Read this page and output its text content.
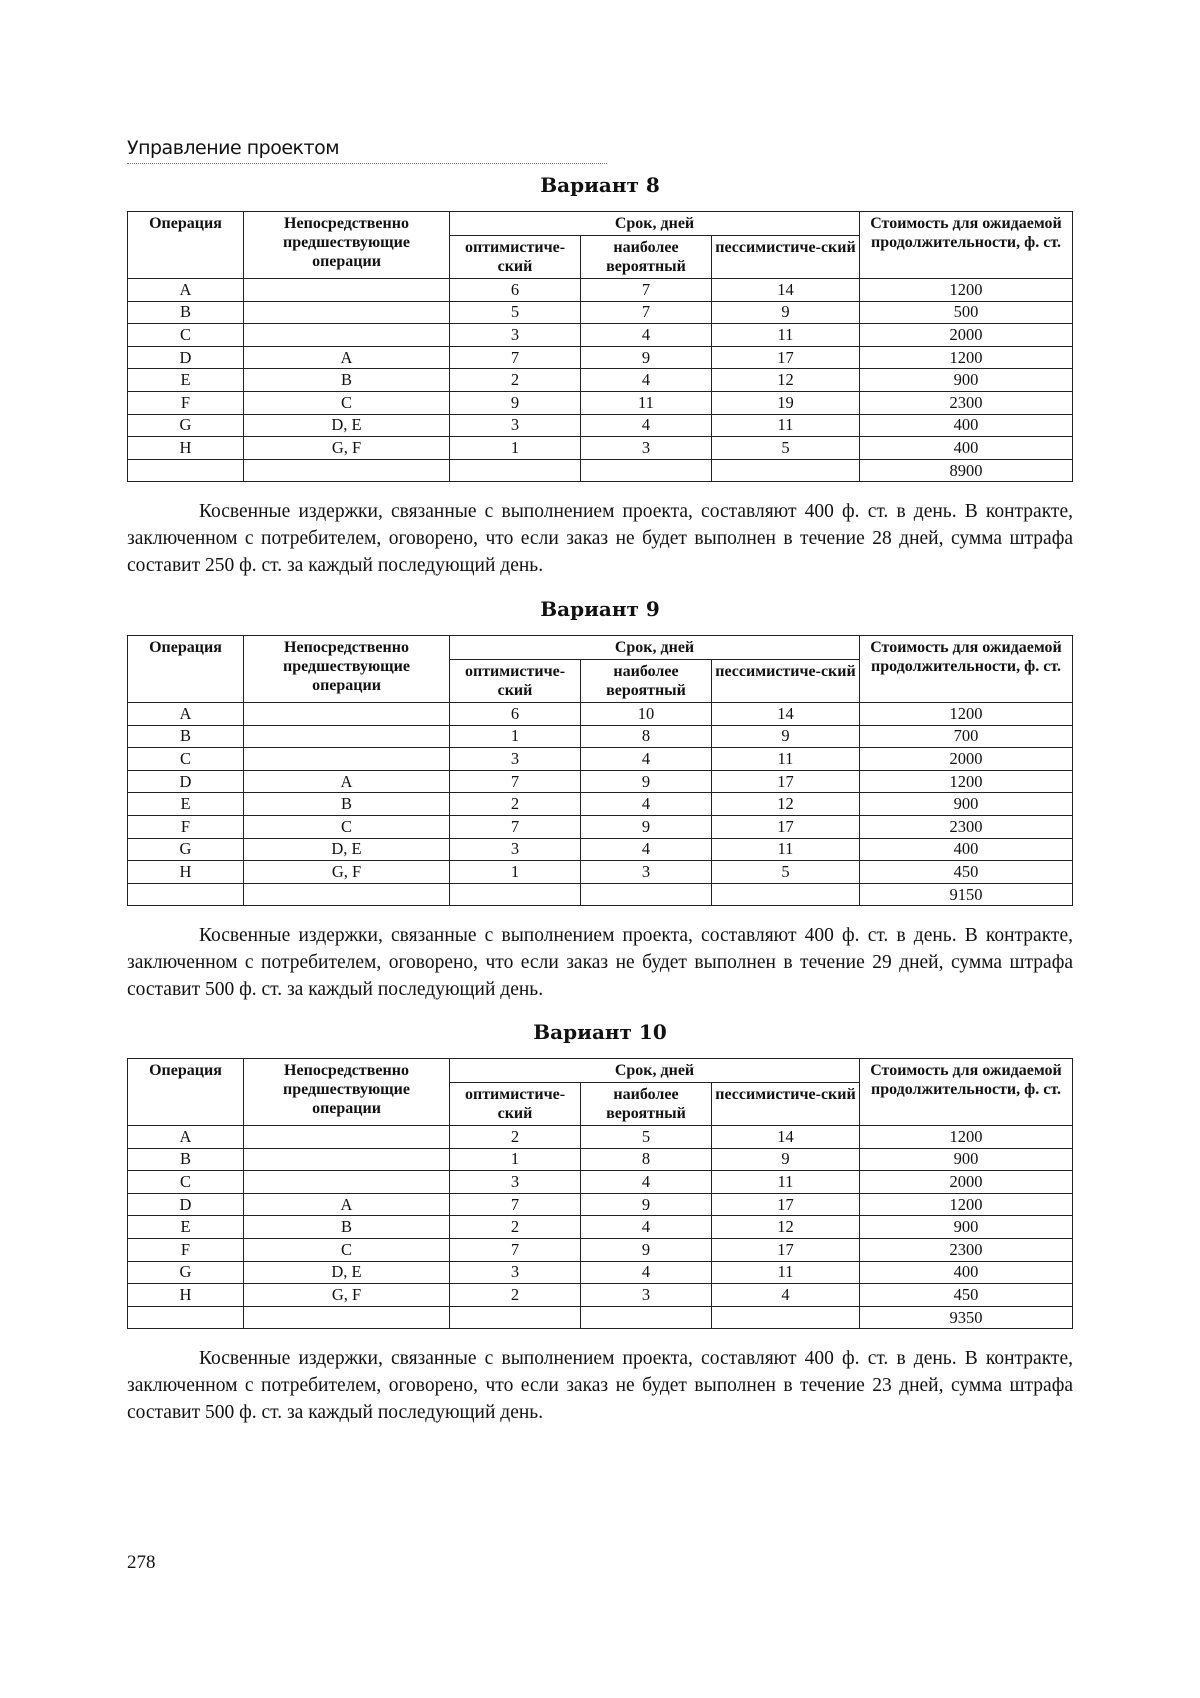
Управление проектом
Вариант 8
Операция	Непосредственно предшествующие операции	Срок, дней			Стоимость для ожидаемой продолжительности, ф. ст.
		оптимистиче-ский	наиболее вероятный	пессимистиче-ский	
A		6	7	14	1200
B		5	7	9	500
C		3	4	11	2000
D	A	7	9	17	1200
E	B	2	4	12	900
F	C	9	11	19	2300
G	D, E	3	4	11	400
H	G, F	1	3	5	400
					8900
Косвенные издержки, связанные с выполнением проекта, составляют 400 ф. ст. в день. В контракте, заключенном с потребителем, оговорено, что если заказ не будет выполнен в течение 28 дней, сумма штрафа составит 250 ф. ст. за каждый последующий день.
Вариант 9
Операция	Непосредственно предшествующие операции	Срок, дней			Стоимость для ожидаемой продолжительности, ф. ст.
		оптимистиче-ский	наиболее вероятный	пессимистиче-ский	
A		6	10	14	1200
B		1	8	9	700
C		3	4	11	2000
D	A	7	9	17	1200
E	B	2	4	12	900
F	C	7	9	17	2300
G	D, E	3	4	11	400
H	G, F	1	3	5	450
					9150
Косвенные издержки, связанные с выполнением проекта, составляют 400 ф. ст. в день. В контракте, заключенном с потребителем, оговорено, что если заказ не будет выполнен в течение 29 дней, сумма штрафа составит 500 ф. ст. за каждый последующий день.
Вариант 10
Операция	Непосредственно предшествующие операции	Срок, дней			Стоимость для ожидаемой продолжительности, ф. ст.
		оптимистиче-ский	наиболее вероятный	пессимистиче-ский	
A		2	5	14	1200
B		1	8	9	900
C		3	4	11	2000
D	A	7	9	17	1200
E	B	2	4	12	900
F	C	7	9	17	2300
G	D, E	3	4	11	400
H	G, F	2	3	4	450
					9350
Косвенные издержки, связанные с выполнением проекта, составляют 400 ф. ст. в день. В контракте, заключенном с потребителем, оговорено, что если заказ не будет выполнен в течение 23 дней, сумма штрафа составит 500 ф. ст. за каждый последующий день.
278
